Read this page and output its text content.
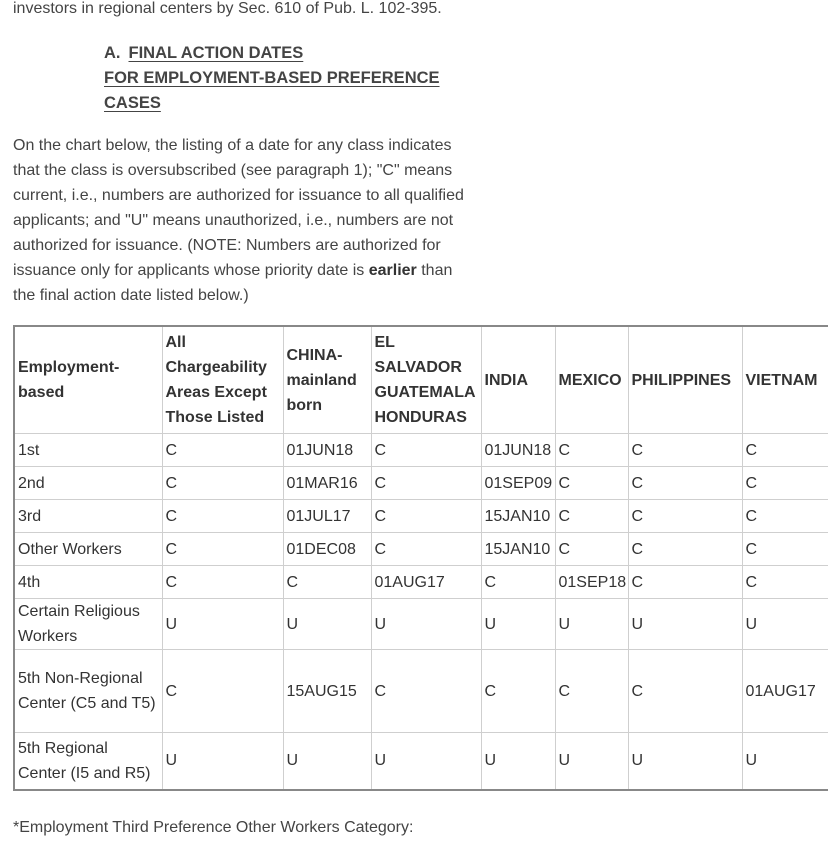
investors in regional centers by Sec. 610 of Pub. L. 102-395.
A. FINAL ACTION DATES
FOR EMPLOYMENT-BASED PREFERENCE
CASES

On the chart below, the listing of a date for any class indicates that the class is oversubscribed (see paragraph 1); "C" means current, i.e., numbers are authorized for issuance to all qualified applicants; and "U" means unauthorized, i.e., numbers are not authorized for issuance. (NOTE: Numbers are authorized for issuance only for applicants whose priority date is earlier than the final action date listed below.)

Employment-based	All Chargeability Areas Except Those Listed	CHINA-mainland born	EL SALVADOR GUATEMALA HONDURAS	INDIA	MEXICO	PHILIPPINES	VIETNAM
1st	C	01JUN18	C	01JUN18	C	C	C
2nd	C	01MAR16	C	01SEP09	C	C	C
3rd	C	01JUL17	C	15JAN10	C	C	C
Other Workers	C	01DEC08	C	15JAN10	C	C	C
4th	C	C	01AUG17	C	01SEP18	C	C
Certain Religious Workers	U	U	U	U	U	U	U
5th Non-Regional Center (C5 and T5)	C	15AUG15	C	C	C	C	01AUG17
5th Regional Center (I5 and R5)	U	U	U	U	U	U	U
*Employment Third Preference Other Workers Category:
